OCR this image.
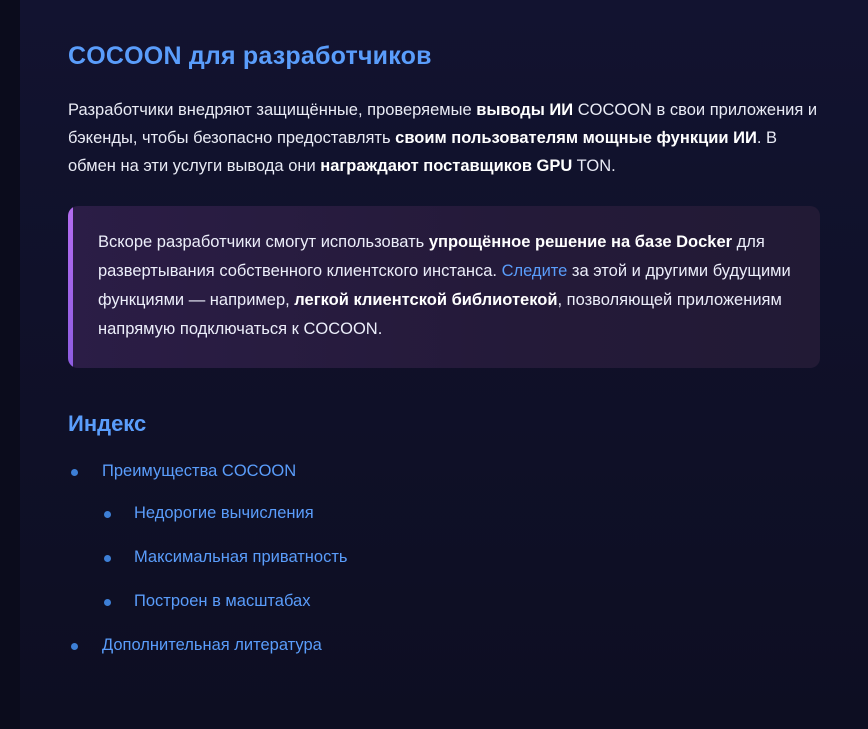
COCOON для разработчиков

Разработчики внедряют защищённые, проверяемые выводы ИИ COCOON в свои приложения и бэкенды, чтобы безопасно предоставлять своим пользователям мощные функции ИИ. В обмен на эти услуги вывода они награждают поставщиков GPU TON.

Вскоре разработчики смогут использовать упрощённое решение на базе Docker для развертывания собственного клиентского инстанса. Следите за этой и другими будущими функциями — например, легкой клиентской библиотекой, позволяющей приложениям напрямую подключаться к COCOON.

Индекс
Преимущества COCOON
Недорогие вычисления
Максимальная приватность
Построен в масштабах
Дополнительная литература
